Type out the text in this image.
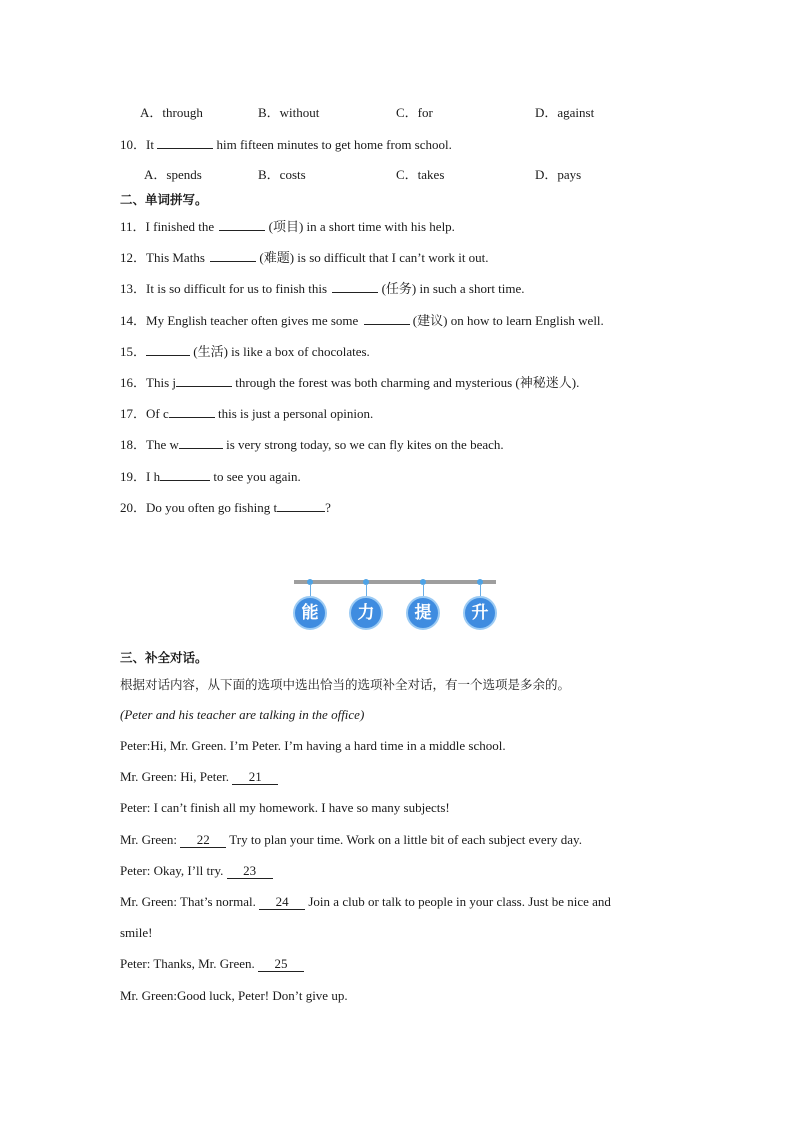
A．through	B．without	C．for	D．against
10．It	him fifteen minutes to get home from school.
A．spends	B．costs	C．takes	D．pays
二、单词拼写。
11．I finished the	(项目) in a short time with his help.
12．This Maths	(难题) is so difficult that I can’t work it out.
13．It is so difficult for us to finish this	(任务) in such a short time.
14．My English teacher often gives me some	(建议) on how to learn English well.
15．	(生活) is like a box of chocolates.
16．This j	through the forest was both charming and mysterious (神秘迷人).
17．Of c	this is just a personal opinion.
18．The w	is very strong today, so we can fly kites on the beach.
19．I h	to see you again.
20．Do you often go fishing t	?
能	力	提	升
三、补全对话。
根据对话内容，从下面的选项中选出恰当的选项补全对话，有一个选项是多余的。
(Peter and his teacher are talking in the office)
Peter:Hi, Mr. Green. I’m Peter. I’m having a hard time in a middle school.
Mr. Green: Hi, Peter. 21
Peter: I can’t finish all my homework. I have so many subjects!
Mr. Green: 22 Try to plan your time. Work on a little bit of each subject every day.
Peter: Okay, I’ll try. 23
Mr. Green: That’s normal. 24 Join a club or talk to people in your class. Just be nice and
smile!
Peter: Thanks, Mr. Green. 25
Mr. Green:Good luck, Peter! Don’t give up.
